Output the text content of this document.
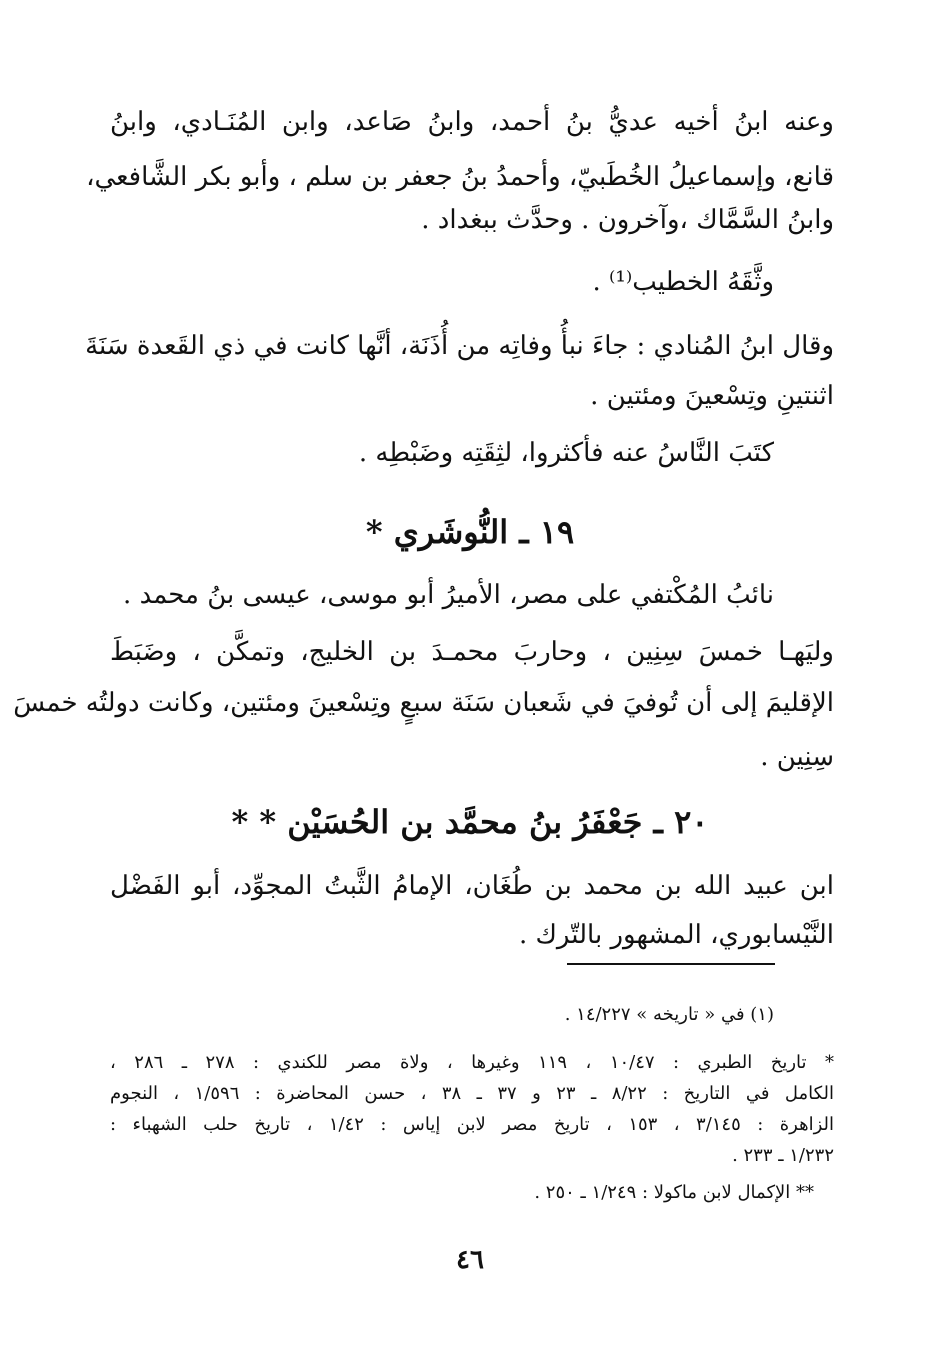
وعنه ابنُ أخيه عديُّ بنُ أحمد، وابنُ صَاعد، وابن المُنَـادي، وابنُ
قانع، وإسماعيلُ الخُطَبيّ، وأحمدُ بنُ جعفر بن سلم ، وأبو بكر الشَّافعي،
وابنُ السَّمَّاك ،وآخرون . وحدَّث ببغداد .
وثَّقَهُ الخطيب⁽¹⁾ .
وقال ابنُ المُنادي : جاءَ نبأُ وفاتِه من أُذَنَة، أنَّها كانت في ذي القَعدة سَنَةَ
اثنتينِ وتِسْعينَ ومئتين .
كتَبَ النَّاسُ عنه فأكثروا، لثِقَتِه وضَبْطِه .
١٩ ـ النُّوشَري *
نائبُ المُكْتفي على مصر، الأميرُ أبو موسى، عيسى بنُ محمد .
وليَهـا خمسَ سِنِين ، وحاربَ محمـدَ بن الخليج، وتمكَّن ، وضَبَطَ
الإقليمَ إلى أن تُوفيَ في شَعبان سَنَة سبعٍ وتِسْعينَ ومئتين، وكانت دولتُه خمسَ
سِنِين .
٢٠ ـ جَعْفَرُ بنُ محمَّد بن الحُسَيْن * *
ابن عبيد الله بن محمد بن طُغَان، الإمامُ الثَّبتُ المجوِّد، أبو الفَضْل
النَّيْسابوري، المشهور بالتّرك .
(١) في « تاريخه » ١٤/٢٢٧ .
* تاريخ الطبري : ١٠/٤٧ ، ١١٩ وغيرها ، ولاة مصر للكندي : ٢٧٨ ـ ٢٨٦ ،
الكامل في التاريخ : ٨/٢٢ ـ ٢٣ و ٣٧ ـ ٣٨ ، حسن المحاضرة : ١/٥٩٦ ، النجوم
الزاهرة : ٣/١٤٥ ، ١٥٣ ، تاريخ مصر لابن إياس : ١/٤٢ ، تاريخ حلب الشهباء :
١/٢٣٢ ـ ٢٣٣ .
** الإكمال لابن ماكولا : ١/٢٤٩ ـ ٢٥٠ .
٤٦
